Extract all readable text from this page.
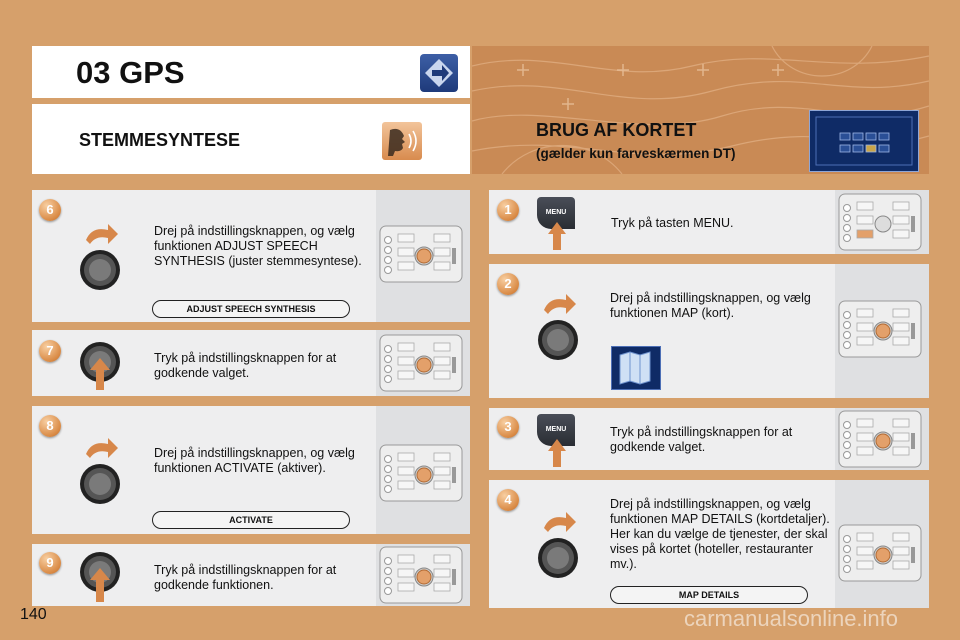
03 GPS
STEMMESYNTESE	BRUG AF KORTET
(gælder kun farveskærmen DT)
6
Drej på indstillingsknappen, og vælg funktionen ADJUST SPEECH SYNTHESIS (juster stemmesyntese).
ADJUST SPEECH SYNTHESIS
7	Tryk på indstillingsknappen for at godkende valget.
8
Drej på indstillingsknappen, og vælg funktionen ACTIVATE (aktiver).
ACTIVATE
9	Tryk på indstillingsknappen for at godkende funktionen.
1	MENU
Tryk på tasten MENU.
2
Drej på indstillingsknappen, og vælg funktionen MAP (kort).
3	MENU	Tryk på indstillingsknappen for at godkende valget.
4	Drej på indstillingsknappen, og vælg funktionen MAP DETAILS (kortdetaljer). Her kan du vælge de tjenester, der skal vises på kortet (hoteller, restauranter mv.).
MAP DETAILS
140	carmanualsonline.info
